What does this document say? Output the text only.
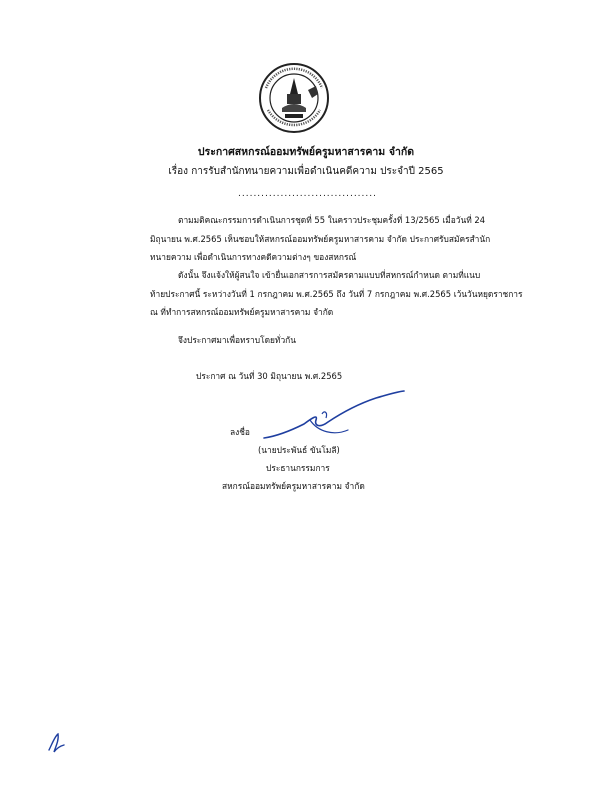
ประกาศสหกรณ์ออมทรัพย์ครูมหาสารคาม จำกัด
เรื่อง การรับสำนักทนายความเพื่อดำเนินคดีความ ประจำปี 2565
....................................
ตามมติคณะกรรมการดำเนินการชุดที่ 55 ในคราวประชุมครั้งที่ 13/2565 เมื่อวันที่ 24
มิถุนายน พ.ศ.2565 เห็นชอบให้สหกรณ์ออมทรัพย์ครูมหาสารคาม จำกัด ประกาศรับสมัครสำนัก
ทนายความ เพื่อดำเนินการทางคดีความต่างๆ ของสหกรณ์
ดังนั้น จึงแจ้งให้ผู้สนใจ เข้ายื่นเอกสารการสมัครตามแบบที่สหกรณ์กำหนด ตามที่แนบ
ท้ายประกาศนี้ ระหว่างวันที่ 1 กรกฎาคม พ.ศ.2565 ถึง วันที่ 7 กรกฎาคม พ.ศ.2565 เว้นวันหยุดราชการ
ณ ที่ทำการสหกรณ์ออมทรัพย์ครูมหาสารคาม จำกัด
จึงประกาศมาเพื่อทราบโดยทั่วกัน
ประกาศ ณ วันที่ 30 มิถุนายน พ.ศ.2565
ลงชื่อ
(นายประพันธ์ ขันโมลี)
ประธานกรรมการ
สหกรณ์ออมทรัพย์ครูมหาสารคาม จำกัด
